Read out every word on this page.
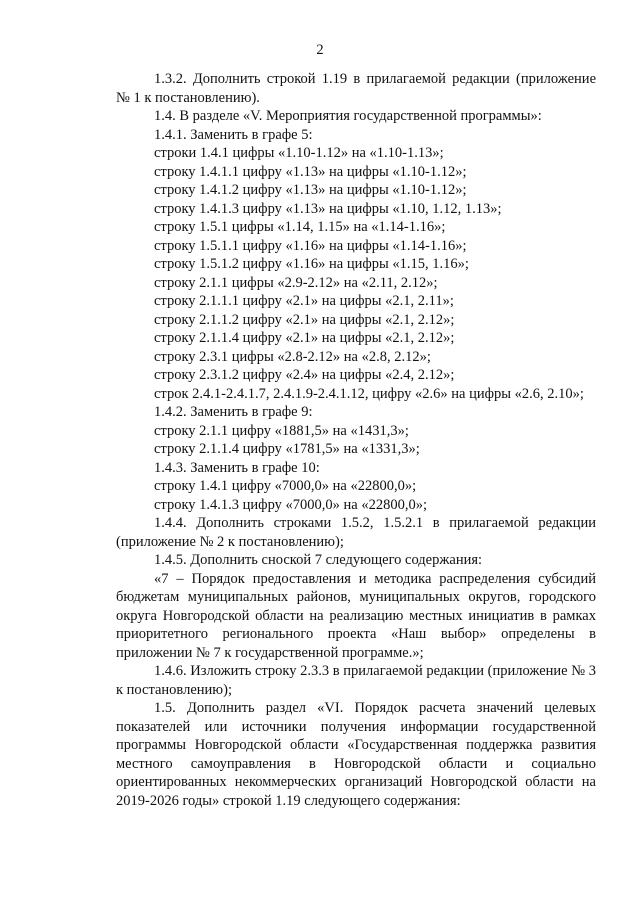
2

1.3.2. Дополнить строкой 1.19 в прилагаемой редакции (приложение

№ 1 к постановлению).

1.4. В разделе «V. Мероприятия государственной программы»:

1.4.1. Заменить в графе 5:

строки 1.4.1 цифры «1.10-1.12» на «1.10-1.13»;

строку 1.4.1.1 цифру «1.13» на цифры «1.10-1.12»;

строку 1.4.1.2 цифру «1.13» на цифры «1.10-1.12»;

строку 1.4.1.3 цифру «1.13» на цифры «1.10, 1.12, 1.13»;

строку 1.5.1 цифры «1.14, 1.15» на «1.14-1.16»;

строку 1.5.1.1 цифру «1.16» на цифры «1.14-1.16»;

строку 1.5.1.2 цифру «1.16» на цифры «1.15, 1.16»;

строку 2.1.1 цифры «2.9-2.12» на «2.11, 2.12»;

строку 2.1.1.1 цифру «2.1» на цифры «2.1, 2.11»;

строку 2.1.1.2 цифру «2.1» на цифры «2.1, 2.12»;

строку 2.1.1.4 цифру «2.1» на цифры «2.1, 2.12»;

строку 2.3.1 цифры «2.8-2.12» на «2.8, 2.12»;

строку 2.3.1.2 цифру «2.4» на цифры «2.4, 2.12»;

строк 2.4.1-2.4.1.7, 2.4.1.9-2.4.1.12, цифру «2.6» на цифры «2.6, 2.10»;

1.4.2. Заменить в графе 9:

строку 2.1.1 цифру «1881,5» на «1431,3»;

строку 2.1.1.4 цифру «1781,5» на «1331,3»;

1.4.3. Заменить в графе 10:

строку 1.4.1 цифру «7000,0» на «22800,0»;

строку 1.4.1.3 цифру «7000,0» на «22800,0»;

1.4.4. Дополнить строками 1.5.2, 1.5.2.1 в прилагаемой редакции

(приложение № 2 к постановлению);

1.4.5. Дополнить сноской 7 следующего содержания:

«7 – Порядок предоставления и методика распределения субсидий бюджетам муниципальных районов, муниципальных округов, городского округа Новгородской области на реализацию местных инициатив в рамках приоритетного регионального проекта «Наш выбор» определены в приложении № 7 к государственной программе.»;

1.4.6. Изложить строку 2.3.3 в прилагаемой редакции (приложение № 3 к постановлению);

1.5. Дополнить раздел «VI. Порядок расчета значений целевых показателей или источники получения информации государственной программы Новгородской области «Государственная поддержка развития местного самоуправления в Новгородской области и социально ориентированных некоммерческих организаций Новгородской области на 2019-2026 годы» строкой 1.19 следующего содержания:
